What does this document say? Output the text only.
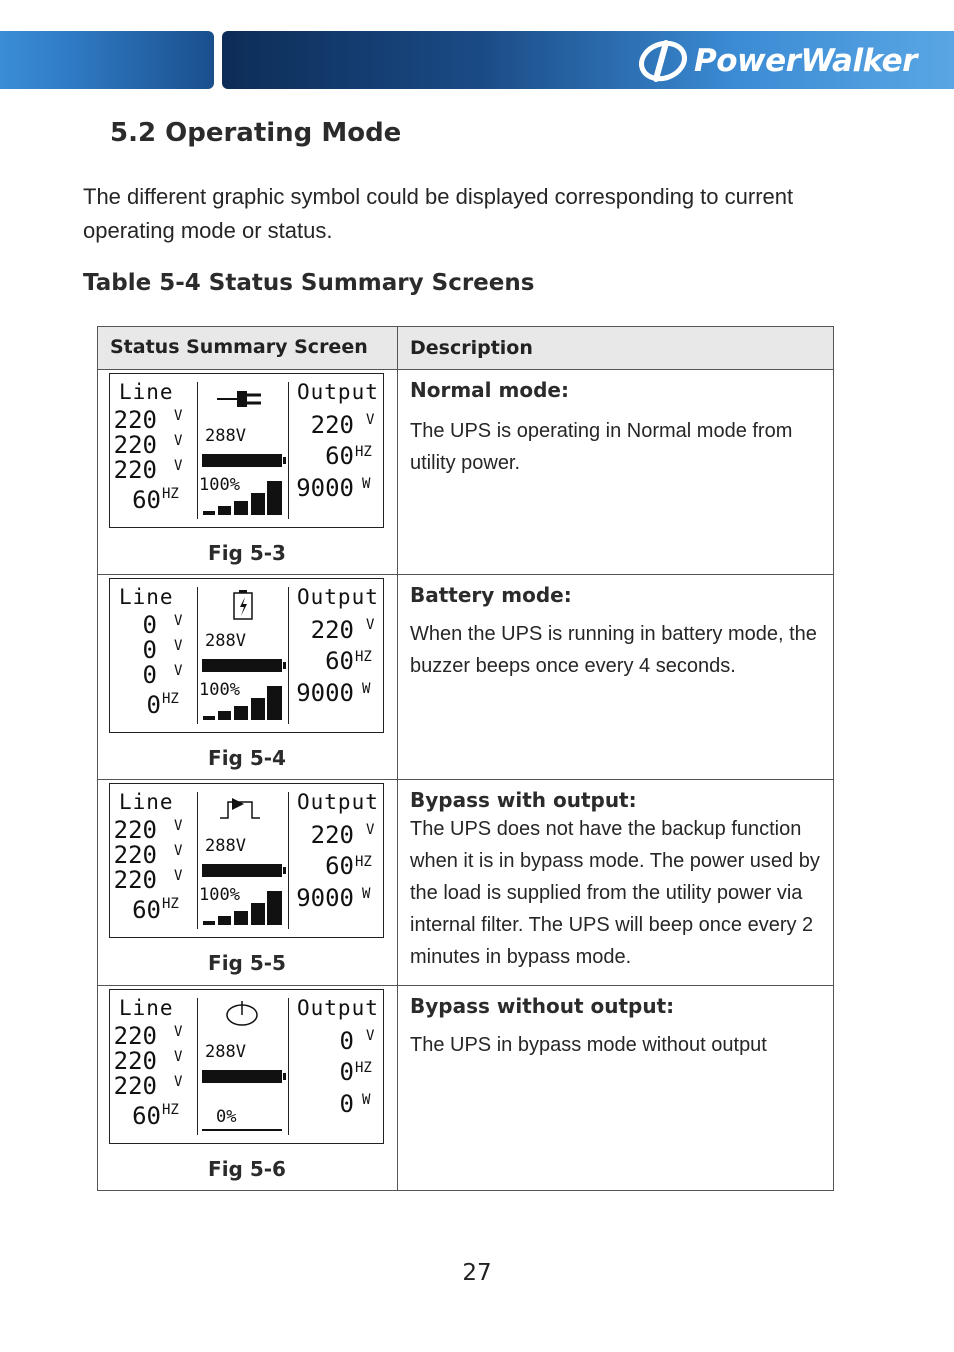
PowerWalker
5.2 Operating Mode
The different graphic symbol could be displayed corresponding to current operating mode or status.
Table 5-4 Status Summary Screens
Status Summary Screen Description
Line
220 V
220 V
220 V
60 HZ
288V
100%
Output
220 V
60 HZ
9000 W
Fig 5-3
Normal mode:
The UPS is operating in Normal mode from utility power.
Line
0 V
0 V
0 V
0 HZ
288V
100%
Output
220 V
60 HZ
9000 W
Fig 5-4
Battery mode:
When the UPS is running in battery mode, the buzzer beeps once every 4 seconds.
Line
220 V
220 V
220 V
60 HZ
288V
100%
Output
220 V
60 HZ
9000 W
Fig 5-5
Bypass with output:
The UPS does not have the backup function when it is in bypass mode. The power used by the load is supplied from the utility power via internal filter. The UPS will beep once every 2 minutes in bypass mode.
Line
220 V
220 V
220 V
60 HZ
288V
0%
Output
0 V
0 HZ
0 W
Fig 5-6
Bypass without output:
The UPS in bypass mode without output
27
